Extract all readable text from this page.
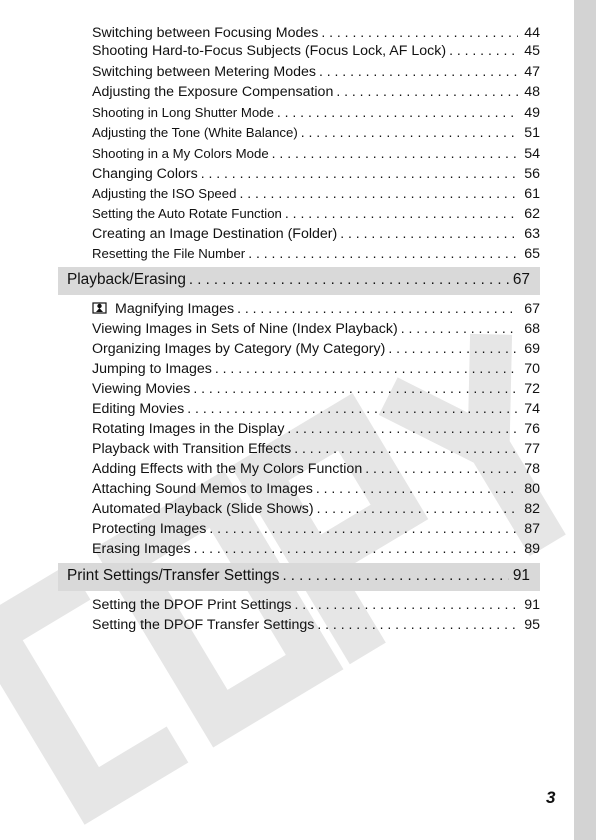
Switching between Focusing Modes . . .	44
Shooting Hard-to-Focus Subjects (Focus Lock, AF Lock) . . .	45
Switching between Metering Modes . . .	47
Adjusting the Exposure Compensation . . .	48
Shooting in Long Shutter Mode . . .	49
Adjusting the Tone (White Balance) . . .	51
Shooting in a My Colors Mode . . .	54
Changing Colors . . .	56
Adjusting the ISO Speed . . .	61
Setting the Auto Rotate Function . . .	62
Creating an Image Destination (Folder) . . .	63
Resetting the File Number . . .	65
Playback/Erasing . . .	67
Magnifying Images . . .	67
Viewing Images in Sets of Nine (Index Playback) . . .	68
Organizing Images by Category (My Category) . . .	69
Jumping to Images . . .	70
Viewing Movies . . .	72
Editing Movies . . .	74
Rotating Images in the Display . . .	76
Playback with Transition Effects . . .	77
Adding Effects with the My Colors Function . . .	78
Attaching Sound Memos to Images . . .	80
Automated Playback (Slide Shows) . . .	82
Protecting Images . . .	87
Erasing Images . . .	89
Print Settings/Transfer Settings . . .	91
Setting the DPOF Print Settings . . .	91
Setting the DPOF Transfer Settings . . .	95
3
